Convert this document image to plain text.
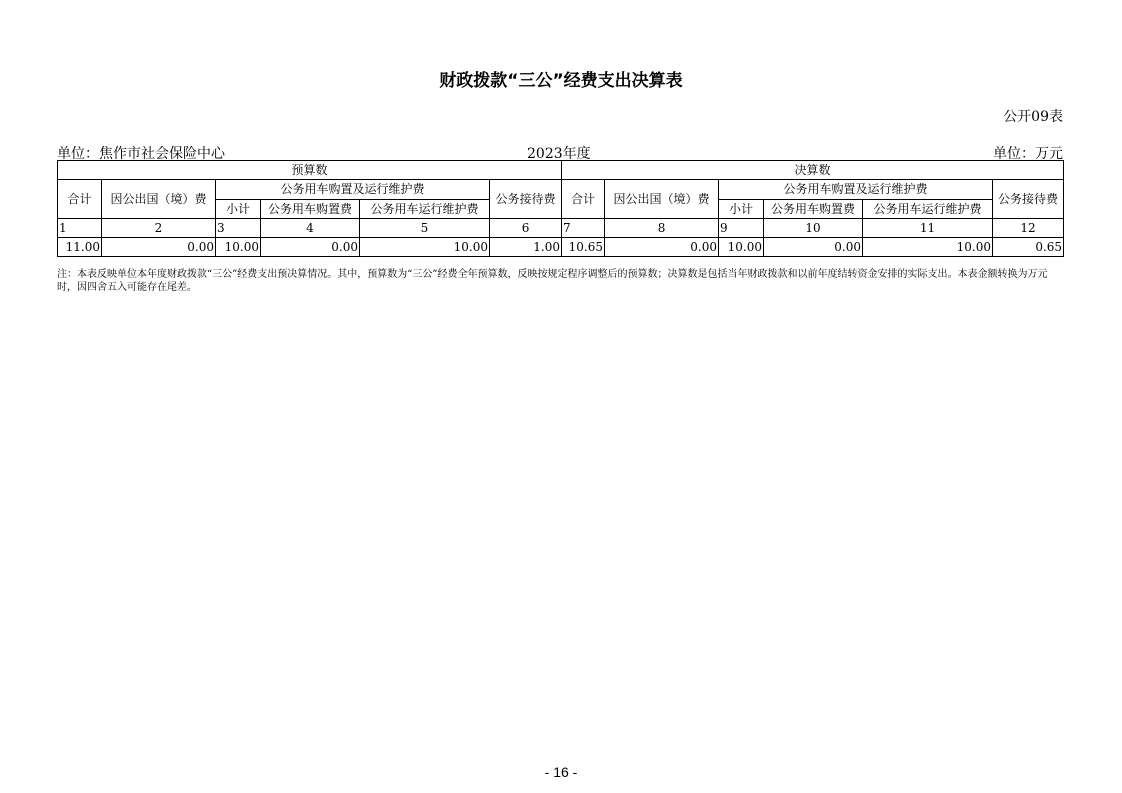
财政拨款“三公”经费支出决算表
公开09表
单位：焦作市社会保险中心	2023年度	单位：万元
预算数						决算数					
合计	因公出国（境）费	公务用车购置及运行维护费			公务接待费	合计	因公出国（境）费	公务用车购置及运行维护费			公务接待费
		小计	公务用车购置费	公务用车运行维护费				小计	公务用车购置费	公务用车运行维护费	
1	2	3	4	5	6	7	8	9	10	11	12
11.00	0.00	10.00	0.00	10.00	1.00	10.65	0.00	10.00	0.00	10.00	0.65
注：本表反映单位本年度财政拨款“三公”经费支出预决算情况。其中，预算数为“三公”经费全年预算数，反映按规定程序调整后的预算数；决算数是包括当年财政拨款和以前年度结转资金安排的实际支出。本表金额转换为万元时，因四舍五入可能存在尾差。
- 16 -
